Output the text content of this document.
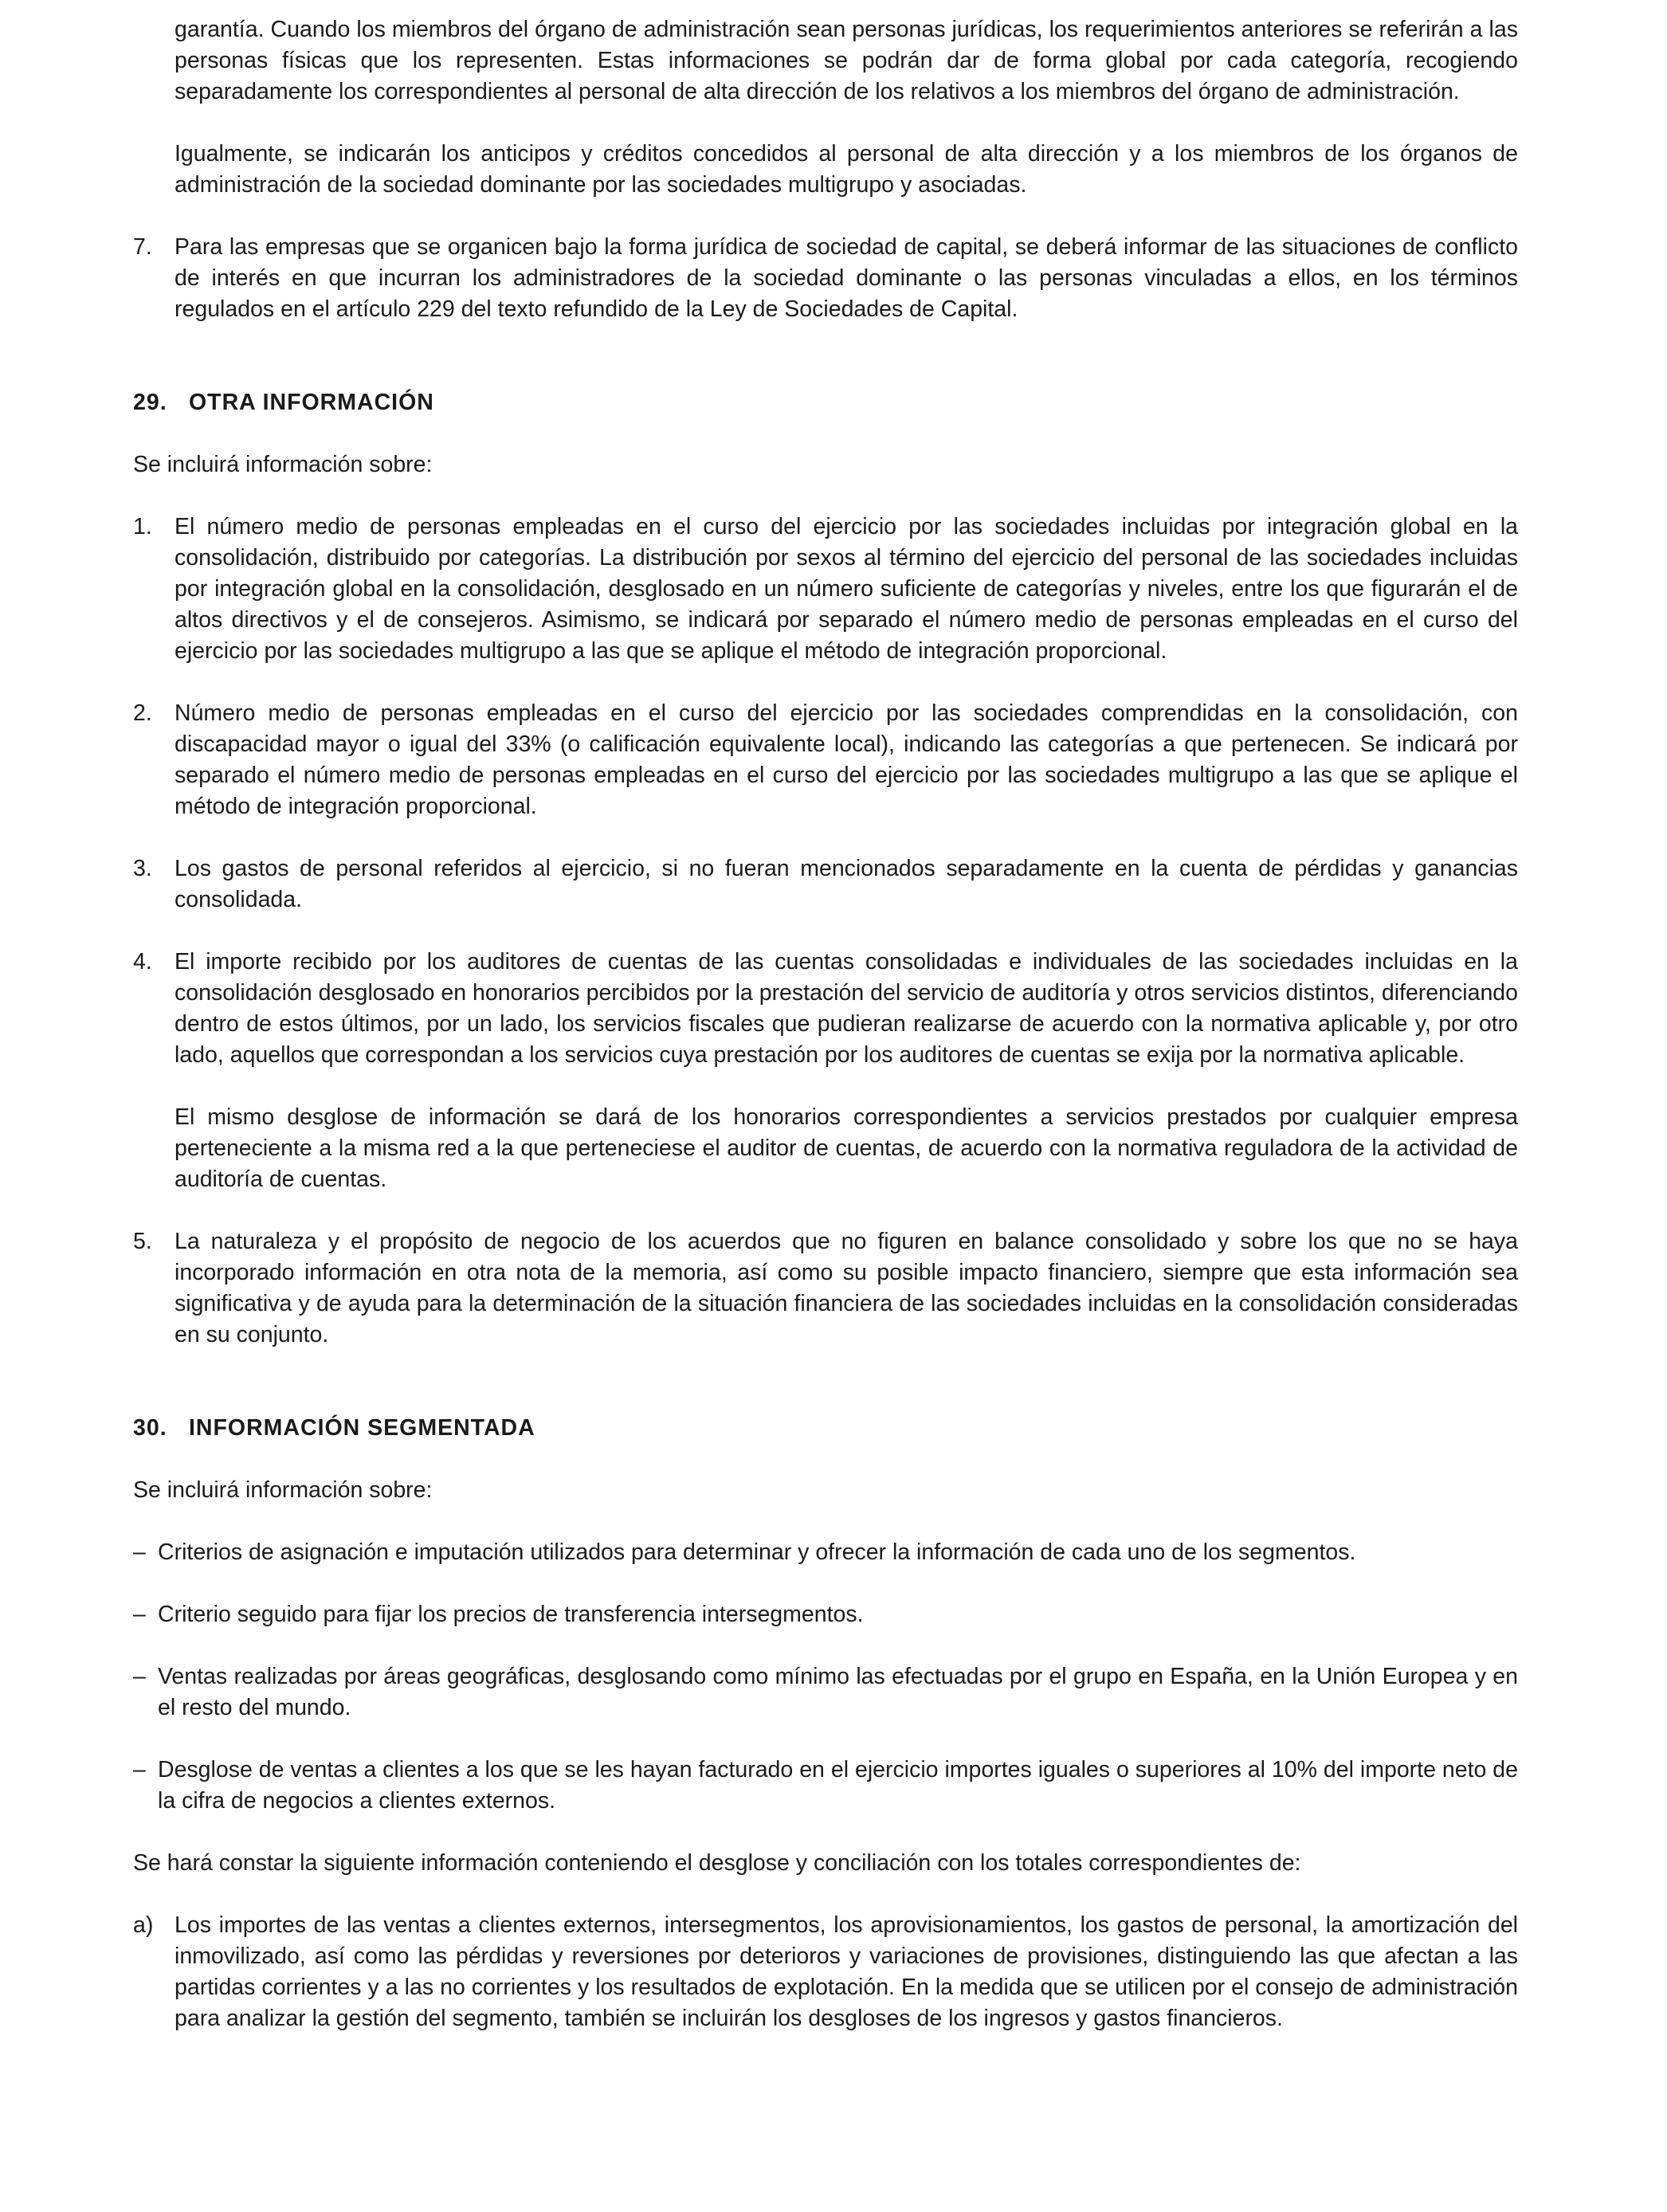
garantía. Cuando los miembros del órgano de administración sean personas jurídicas, los requerimientos anteriores se referirán a las personas físicas que los representen. Estas informaciones se podrán dar de forma global por cada categoría, recogiendo separadamente los correspondientes al personal de alta dirección de los relativos a los miembros del órgano de administración.

Igualmente, se indicarán los anticipos y créditos concedidos al personal de alta dirección y a los miembros de los órganos de administración de la sociedad dominante por las sociedades multigrupo y asociadas.

7. Para las empresas que se organicen bajo la forma jurídica de sociedad de capital, se deberá informar de las situaciones de conflicto de interés en que incurran los administradores de la sociedad dominante o las personas vinculadas a ellos, en los términos regulados en el artículo 229 del texto refundido de la Ley de Sociedades de Capital.

29. OTRA INFORMACIÓN

Se incluirá información sobre:

1. El número medio de personas empleadas en el curso del ejercicio por las sociedades incluidas por integración global en la consolidación, distribuido por categorías. La distribución por sexos al término del ejercicio del personal de las sociedades incluidas por integración global en la consolidación, desglosado en un número suficiente de categorías y niveles, entre los que figurarán el de altos directivos y el de consejeros. Asimismo, se indicará por separado el número medio de personas empleadas en el curso del ejercicio por las sociedades multigrupo a las que se aplique el método de integración proporcional.

2. Número medio de personas empleadas en el curso del ejercicio por las sociedades comprendidas en la consolidación, con discapacidad mayor o igual del 33% (o calificación equivalente local), indicando las categorías a que pertenecen. Se indicará por separado el número medio de personas empleadas en el curso del ejercicio por las sociedades multigrupo a las que se aplique el método de integración proporcional.

3. Los gastos de personal referidos al ejercicio, si no fueran mencionados separadamente en la cuenta de pérdidas y ganancias consolidada.

4. El importe recibido por los auditores de cuentas de las cuentas consolidadas e individuales de las sociedades incluidas en la consolidación desglosado en honorarios percibidos por la prestación del servicio de auditoría y otros servicios distintos, diferenciando dentro de estos últimos, por un lado, los servicios fiscales que pudieran realizarse de acuerdo con la normativa aplicable y, por otro lado, aquellos que correspondan a los servicios cuya prestación por los auditores de cuentas se exija por la normativa aplicable.

El mismo desglose de información se dará de los honorarios correspondientes a servicios prestados por cualquier empresa perteneciente a la misma red a la que perteneciese el auditor de cuentas, de acuerdo con la normativa reguladora de la actividad de auditoría de cuentas.

5. La naturaleza y el propósito de negocio de los acuerdos que no figuren en balance consolidado y sobre los que no se haya incorporado información en otra nota de la memoria, así como su posible impacto financiero, siempre que esta información sea significativa y de ayuda para la determinación de la situación financiera de las sociedades incluidas en la consolidación consideradas en su conjunto.

30. INFORMACIÓN SEGMENTADA

Se incluirá información sobre:

– Criterios de asignación e imputación utilizados para determinar y ofrecer la información de cada uno de los segmentos.

– Criterio seguido para fijar los precios de transferencia intersegmentos.

– Ventas realizadas por áreas geográficas, desglosando como mínimo las efectuadas por el grupo en España, en la Unión Europea y en el resto del mundo.

– Desglose de ventas a clientes a los que se les hayan facturado en el ejercicio importes iguales o superiores al 10% del importe neto de la cifra de negocios a clientes externos.

Se hará constar la siguiente información conteniendo el desglose y conciliación con los totales correspondientes de:

a) Los importes de las ventas a clientes externos, intersegmentos, los aprovisionamientos, los gastos de personal, la amortización del inmovilizado, así como las pérdidas y reversiones por deterioros y variaciones de provisiones, distinguiendo las que afectan a las partidas corrientes y a las no corrientes y los resultados de explotación. En la medida que se utilicen por el consejo de administración para analizar la gestión del segmento, también se incluirán los desgloses de los ingresos y gastos financieros.
